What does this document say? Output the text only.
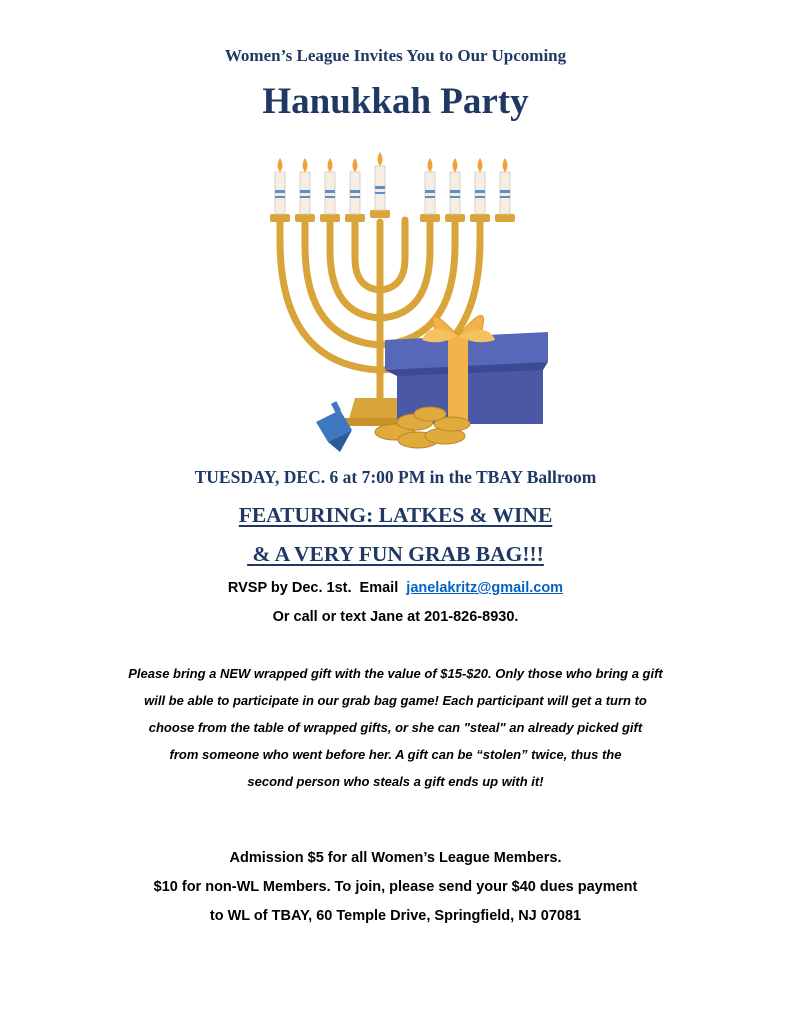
Women’s League Invites You to Our Upcoming
Hanukkah Party
TUESDAY, DEC. 6 at 7:00 PM in the TBAY Ballroom
FEATURING: LATKES & WINE
& A VERY FUN GRAB BAG!!!
RVSP by Dec. 1st.  Email  janelakritz@gmail.com
Or call or text Jane at 201-826-8930.
Please bring a NEW wrapped gift with the value of $15-$20. Only those who bring a gift
will be able to participate in our grab bag game! Each participant will get a turn to
choose from the table of wrapped gifts, or she can "steal" an already picked gift
from someone who went before her. A gift can be “stolen” twice, thus the
second person who steals a gift ends up with it!
Admission $5 for all Women’s League Members.
$10 for non-WL Members. To join, please send your $40 dues payment
to WL of TBAY, 60 Temple Drive, Springfield, NJ 07081
